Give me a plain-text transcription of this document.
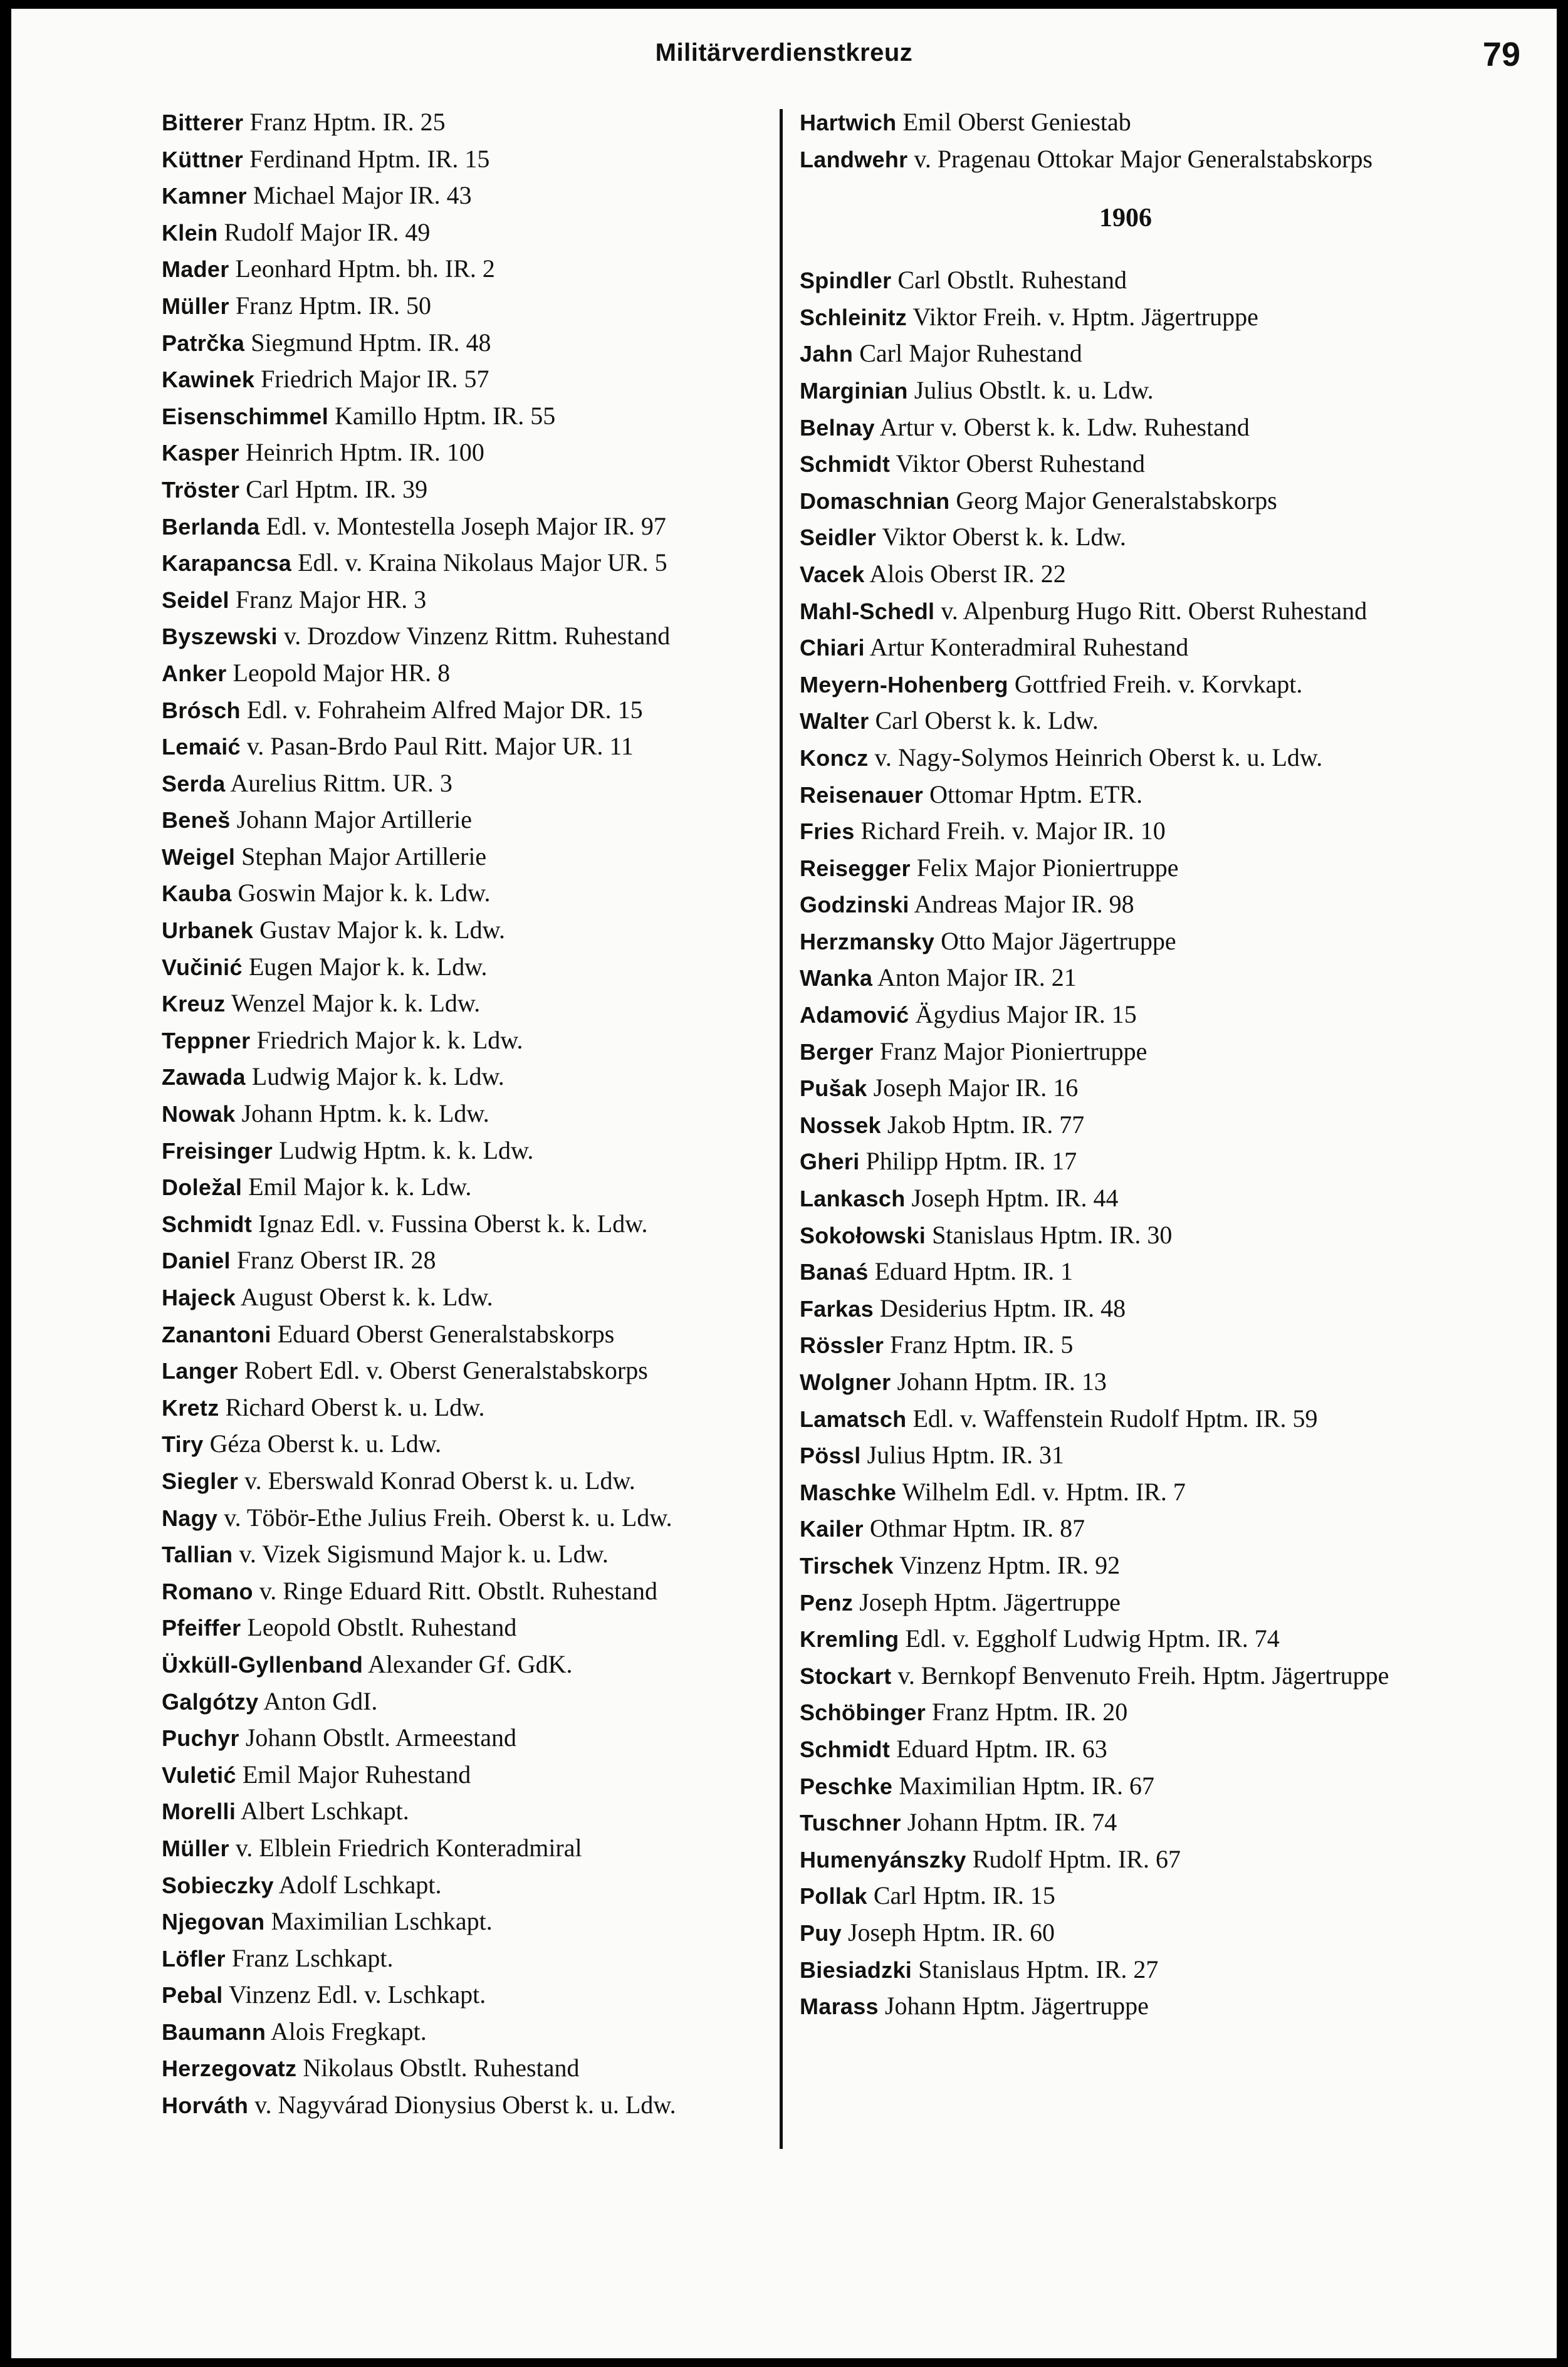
Militärverdienstkreuz	79
Bitterer Franz Hptm. IR. 25
Küttner Ferdinand Hptm. IR. 15
Kamner Michael Major IR. 43
Klein Rudolf Major IR. 49
Mader Leonhard Hptm. bh. IR. 2
Müller Franz Hptm. IR. 50
Patrčka Siegmund Hptm. IR. 48
Kawinek Friedrich Major IR. 57
Eisenschimmel Kamillo Hptm. IR. 55
Kasper Heinrich Hptm. IR. 100
Tröster Carl Hptm. IR. 39
Berlanda Edl. v. Montestella Joseph Major IR. 97
Karapancsa Edl. v. Kraina Nikolaus Major UR. 5
Seidel Franz Major HR. 3
Byszewski v. Drozdow Vinzenz Rittm. Ruhestand
Anker Leopold Major HR. 8
Brósch Edl. v. Fohraheim Alfred Major DR. 15
Lemaić v. Pasan-Brdo Paul Ritt. Major UR. 11
Serda Aurelius Rittm. UR. 3
Beneš Johann Major Artillerie
Weigel Stephan Major Artillerie
Kauba Goswin Major k. k. Ldw.
Urbanek Gustav Major k. k. Ldw.
Vučinić Eugen Major k. k. Ldw.
Kreuz Wenzel Major k. k. Ldw.
Teppner Friedrich Major k. k. Ldw.
Zawada Ludwig Major k. k. Ldw.
Nowak Johann Hptm. k. k. Ldw.
Freisinger Ludwig Hptm. k. k. Ldw.
Doležal Emil Major k. k. Ldw.
Schmidt Ignaz Edl. v. Fussina Oberst k. k. Ldw.
Daniel Franz Oberst IR. 28
Hajeck August Oberst k. k. Ldw.
Zanantoni Eduard Oberst Generalstabskorps
Langer Robert Edl. v. Oberst Generalstabskorps
Kretz Richard Oberst k. u. Ldw.
Tiry Géza Oberst k. u. Ldw.
Siegler v. Eberswald Konrad Oberst k. u. Ldw.
Nagy v. Töbör-Ethe Julius Freih. Oberst k. u. Ldw.
Tallian v. Vizek Sigismund Major k. u. Ldw.
Romano v. Ringe Eduard Ritt. Obstlt. Ruhestand
Pfeiffer Leopold Obstlt. Ruhestand
Üxküll-Gyllenband Alexander Gf. GdK.
Galgótzy Anton GdI.
Puchyr Johann Obstlt. Armeestand
Vuletić Emil Major Ruhestand
Morelli Albert Lschkapt.
Müller v. Elblein Friedrich Konteradmiral
Sobieczky Adolf Lschkapt.
Njegovan Maximilian Lschkapt.
Löfler Franz Lschkapt.
Pebal Vinzenz Edl. v. Lschkapt.
Baumann Alois Fregkapt.
Herzegovatz Nikolaus Obstlt. Ruhestand
Horváth v. Nagyvárad Dionysius Oberst k. u. Ldw.
Hartwich Emil Oberst Geniestab
Landwehr v. Pragenau Ottokar Major Generalstabskorps
1906
Spindler Carl Obstlt. Ruhestand
Schleinitz Viktor Freih. v. Hptm. Jägertruppe
Jahn Carl Major Ruhestand
Marginian Julius Obstlt. k. u. Ldw.
Belnay Artur v. Oberst k. k. Ldw. Ruhestand
Schmidt Viktor Oberst Ruhestand
Domaschnian Georg Major Generalstabskorps
Seidler Viktor Oberst k. k. Ldw.
Vacek Alois Oberst IR. 22
Mahl-Schedl v. Alpenburg Hugo Ritt. Oberst Ruhestand
Chiari Artur Konteradmiral Ruhestand
Meyern-Hohenberg Gottfried Freih. v. Korvkapt.
Walter Carl Oberst k. k. Ldw.
Koncz v. Nagy-Solymos Heinrich Oberst k. u. Ldw.
Reisenauer Ottomar Hptm. ETR.
Fries Richard Freih. v. Major IR. 10
Reisegger Felix Major Pioniertruppe
Godzinski Andreas Major IR. 98
Herzmansky Otto Major Jägertruppe
Wanka Anton Major IR. 21
Adamović Ägydius Major IR. 15
Berger Franz Major Pioniertruppe
Pušak Joseph Major IR. 16
Nossek Jakob Hptm. IR. 77
Gheri Philipp Hptm. IR. 17
Lankasch Joseph Hptm. IR. 44
Sokołowski Stanislaus Hptm. IR. 30
Banaś Eduard Hptm. IR. 1
Farkas Desiderius Hptm. IR. 48
Rössler Franz Hptm. IR. 5
Wolgner Johann Hptm. IR. 13
Lamatsch Edl. v. Waffenstein Rudolf Hptm. IR. 59
Pössl Julius Hptm. IR. 31
Maschke Wilhelm Edl. v. Hptm. IR. 7
Kailer Othmar Hptm. IR. 87
Tirschek Vinzenz Hptm. IR. 92
Penz Joseph Hptm. Jägertruppe
Kremling Edl. v. Eggholf Ludwig Hptm. IR. 74
Stockart v. Bernkopf Benvenuto Freih. Hptm. Jägertruppe
Schöbinger Franz Hptm. IR. 20
Schmidt Eduard Hptm. IR. 63
Peschke Maximilian Hptm. IR. 67
Tuschner Johann Hptm. IR. 74
Humenyánszky Rudolf Hptm. IR. 67
Pollak Carl Hptm. IR. 15
Puy Joseph Hptm. IR. 60
Biesiadzki Stanislaus Hptm. IR. 27
Marass Johann Hptm. Jägertruppe
